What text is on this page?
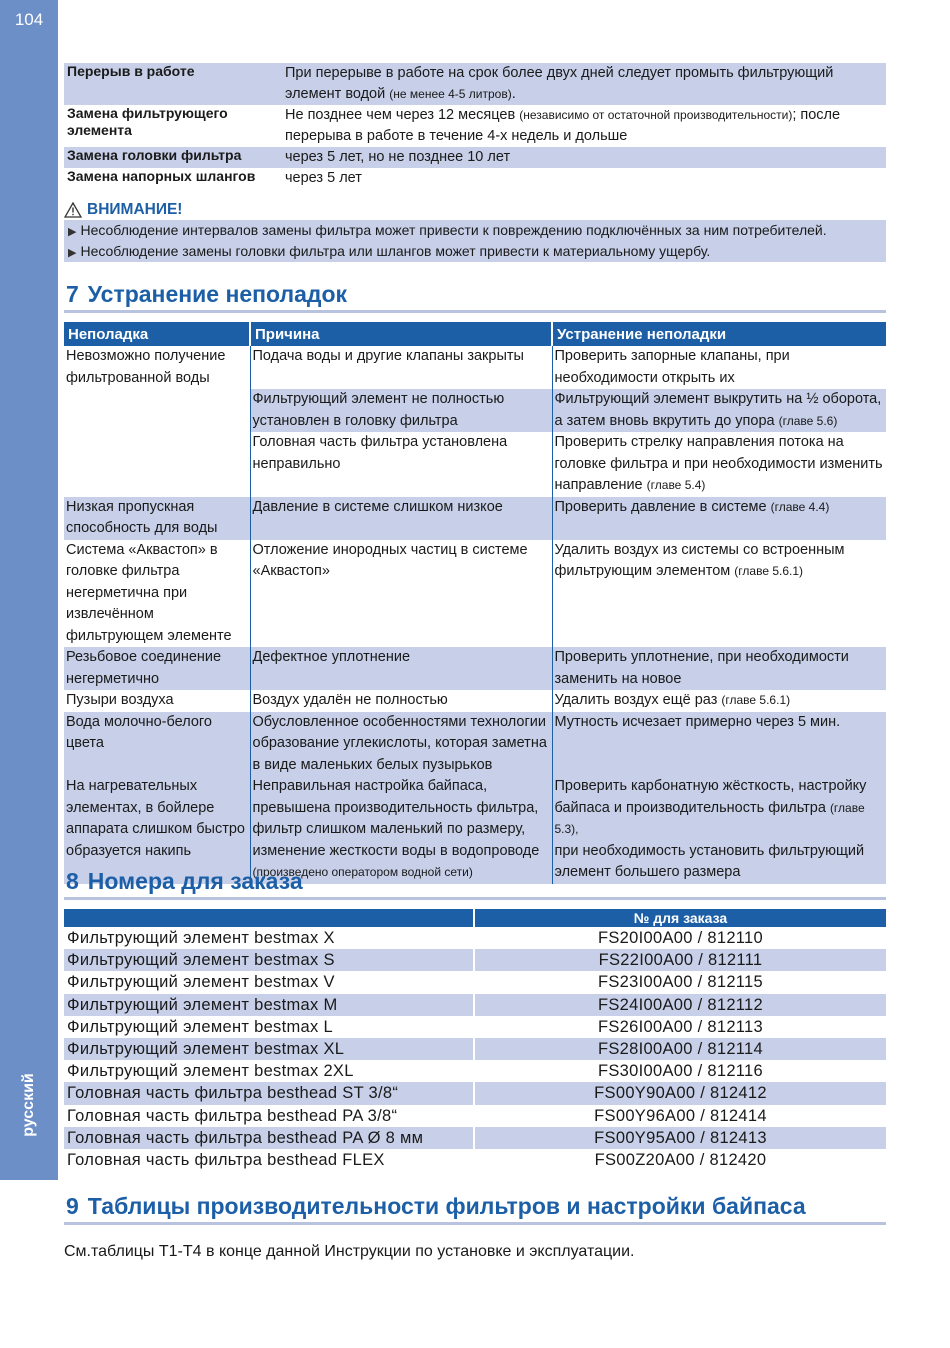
104
русский
Перерыв в работе	При перерыве в работе на срок более двух дней следует промыть фильтрующий элемент водой (не менее 4-5 литров).
Замена фильтрующего элемента	Не позднее чем через 12 месяцев (независимо от остаточной производительности); после перерыва в работе в течение 4-х недель и дольше
Замена головки фильтра	через 5 лет, но не позднее 10 лет
Замена напорных шлангов	через 5 лет
ВНИМАНИЕ!
▶ Несоблюдение интервалов замены фильтра может привести к повреждению подключённых за ним потребителей.
▶ Несоблюдение замены головки фильтра или шлангов может привести к материальному ущербу.
7 Устранение неполадок
Неполадка	Причина	Устранение неполадки
Невозможно получение фильтрованной воды	Подача воды и другие клапаны закрыты	Проверить запорные клапаны, при необходимости открыть их
	Фильтрующий элемент не полностью установлен в головку фильтра	Фильтрующий элемент выкрутить на ½ оборота, а затем вновь вкрутить до упора (главе 5.6)
	Головная часть фильтра установлена неправильно	Проверить стрелку направления потока на головке фильтра и при необходимости изменить направление (главе 5.4)
Низкая пропускная способность для воды	Давление в системе слишком низкое	Проверить давление в системе (главе 4.4)
Система «Аквастоп» в головке фильтра негерметична при извлечённом фильтрующем элементе	Отложение инородных частиц в системе «Аквастоп»	Удалить воздух из системы со встроенным фильтрующим элементом (главе 5.6.1)
Резьбовое соединение негерметично	Дефектное уплотнение	Проверить уплотнение, при необходимости заменить на новое
Пузыри воздуха	Воздух удалён не полностью	Удалить воздух ещё раз (главе 5.6.1)
Вода молочно-белого цвета	Обусловленное особенностями технологии образование углекислоты, которая заметна в виде маленьких белых пузырьков	Мутность исчезает примерно через 5 мин.
На нагревательных элементах, в бойлере аппарата слишком быстро образуется накипь	Неправильная настройка байпаса, превышена производительность фильтра, фильтр слишком маленький по размеру, изменение жесткости воды в водопроводе (произведено оператором водной сети)	Проверить карбонатную жёсткость, настройку байпаса и производительность фильтра (главе 5.3),
при необходимость установить фильтрующий элемент большего размера
8 Номера для заказа
	№ для заказа
Фильтрующий элемент bestmax X	FS20I00A00 / 812110
Фильтрующий элемент bestmax S	FS22I00A00 / 812111
Фильтрующий элемент bestmax V	FS23I00A00 / 812115
Фильтрующий элемент bestmax M	FS24I00A00 / 812112
Фильтрующий элемент bestmax L	FS26I00A00 / 812113
Фильтрующий элемент bestmax XL	FS28I00A00 / 812114
Фильтрующий элемент bestmax 2XL	FS30I00A00 / 812116
Головная часть фильтра besthead ST 3/8“	FS00Y90A00 / 812412
Головная часть фильтра besthead PA 3/8“	FS00Y96A00 / 812414
Головная часть фильтра besthead PA Ø 8 мм	FS00Y95A00 / 812413
Головная часть фильтра besthead FLEX	FS00Z20A00 / 812420
9 Таблицы производительности фильтров и настройки байпаса
См.таблицы T1-T4 в конце данной Инструкции по установке и эксплуатации.
